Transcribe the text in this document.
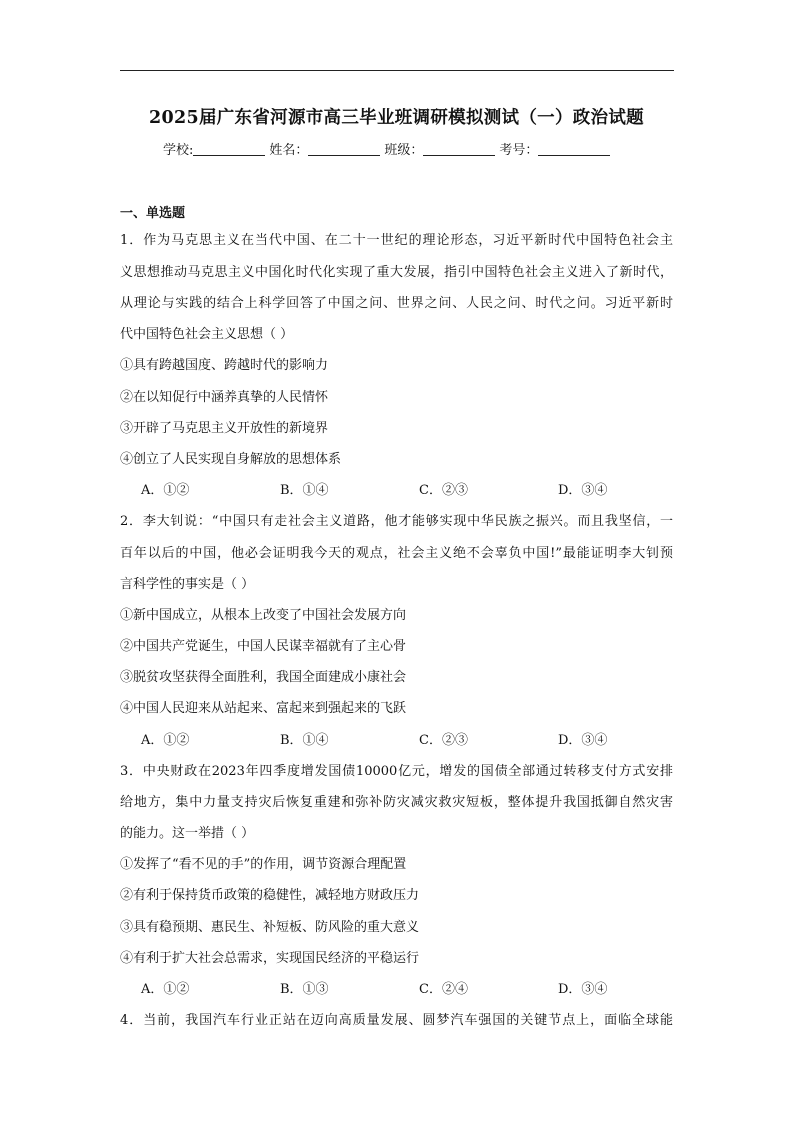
2025届广东省河源市高三毕业班调研模拟测试（一）政治试题
学校:	姓名：	班级：	考号：
一、单选题
1．作为马克思主义在当代中国、在二十一世纪的理论形态，习近平新时代中国特色社会主
义思想推动马克思主义中国化时代化实现了重大发展，指引中国特色社会主义进入了新时代，
从理论与实践的结合上科学回答了中国之问、世界之问、人民之问、时代之问。习近平新时
代中国特色社会主义思想（ ）
①具有跨越国度、跨越时代的影响力
②在以知促行中涵养真挚的人民情怀
③开辟了马克思主义开放性的新境界
④创立了人民实现自身解放的思想体系
A．①②	B．①④	C．②③	D．③④
2．李大钊说：“中国只有走社会主义道路，他才能够实现中华民族之振兴。而且我坚信，一
百年以后的中国，他必会证明我今天的观点，社会主义绝不会辜负中国!”最能证明李大钊预
言科学性的事实是（ ）
①新中国成立，从根本上改变了中国社会发展方向
②中国共产党诞生，中国人民谋幸福就有了主心骨
③脱贫攻坚获得全面胜利，我国全面建成小康社会
④中国人民迎来从站起来、富起来到强起来的飞跃
A．①②	B．①④	C．②③	D．③④
3．中央财政在2023年四季度增发国债10000亿元，增发的国债全部通过转移支付方式安排
给地方，集中力量支持灾后恢复重建和弥补防灾减灾救灾短板，整体提升我国抵御自然灾害
的能力。这一举措（ ）
①发挥了“看不见的手”的作用，调节资源合理配置
②有利于保持货币政策的稳健性，减轻地方财政压力
③具有稳预期、惠民生、补短板、防风险的重大意义
④有利于扩大社会总需求，实现国民经济的平稳运行
A．①②	B．①③	C．②④	D．③④
4．当前，我国汽车行业正站在迈向高质量发展、圆梦汽车强国的关键节点上，面临全球能
